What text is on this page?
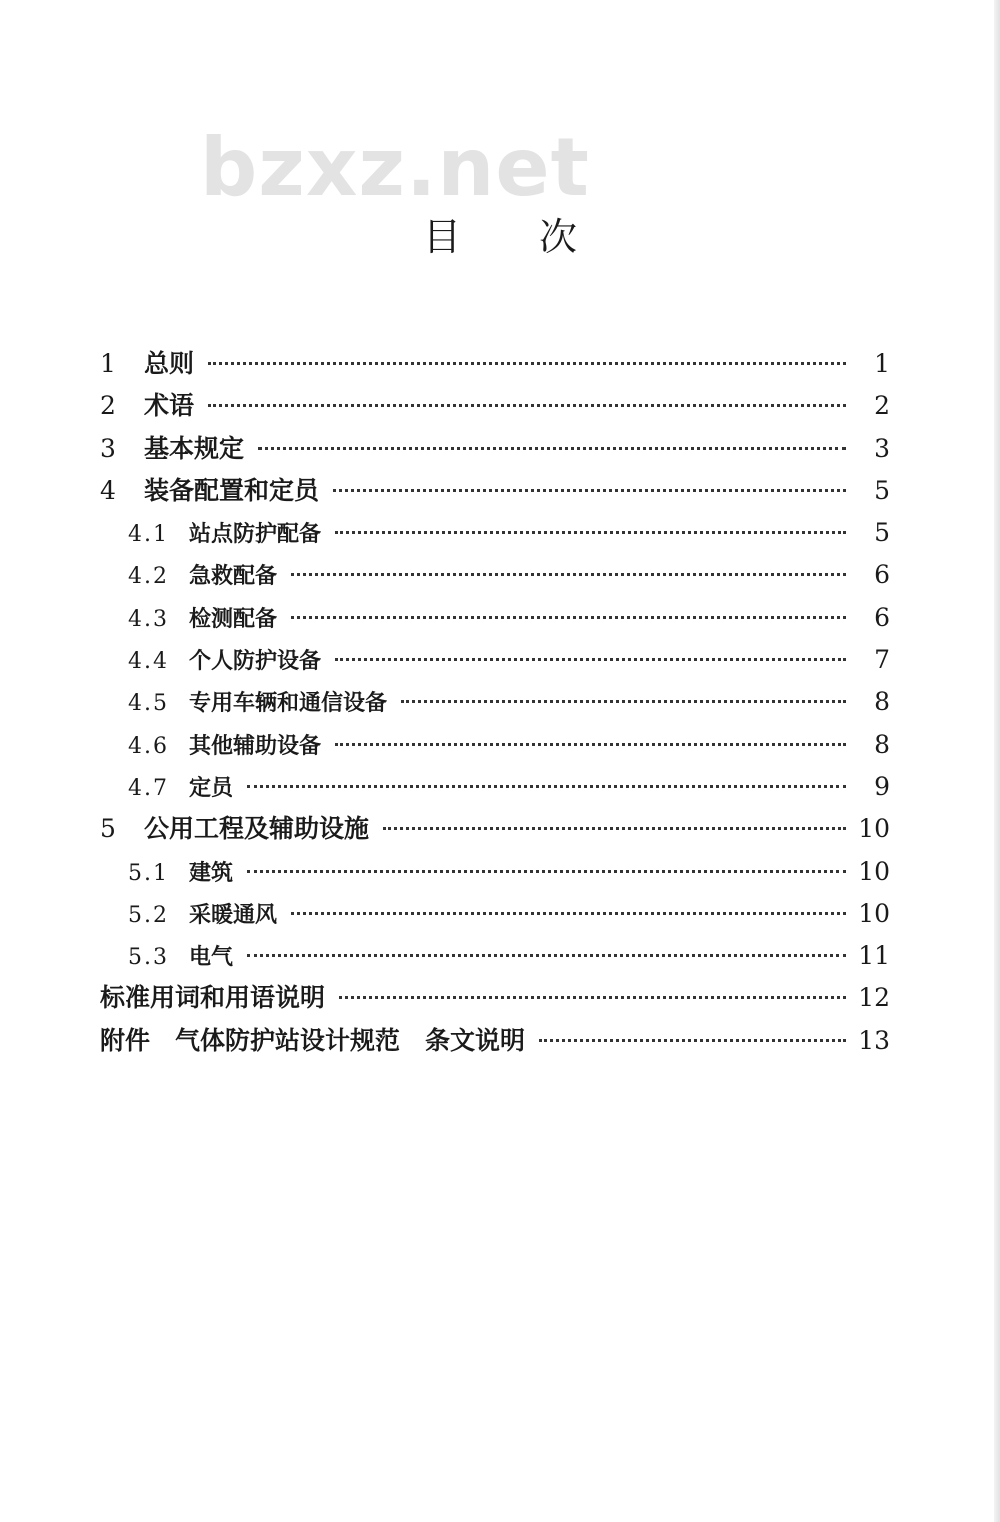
bzxz.net
目 次
1	总则	1
2	术语	2
3	基本规定	3
4	装备配置和定员	5
4.1 站点防护配备	5
4.2 急救配备	6
4.3 检测配备	6
4.4 个人防护设备	7
4.5 专用车辆和通信设备	8
4.6 其他辅助设备	8
4.7 定员	9
5	公用工程及辅助设施	10
5.1 建筑	10
5.2 采暖通风	10
5.3 电气	11
标准用词和用语说明	12
附件　气体防护站设计规范　条文说明	13
